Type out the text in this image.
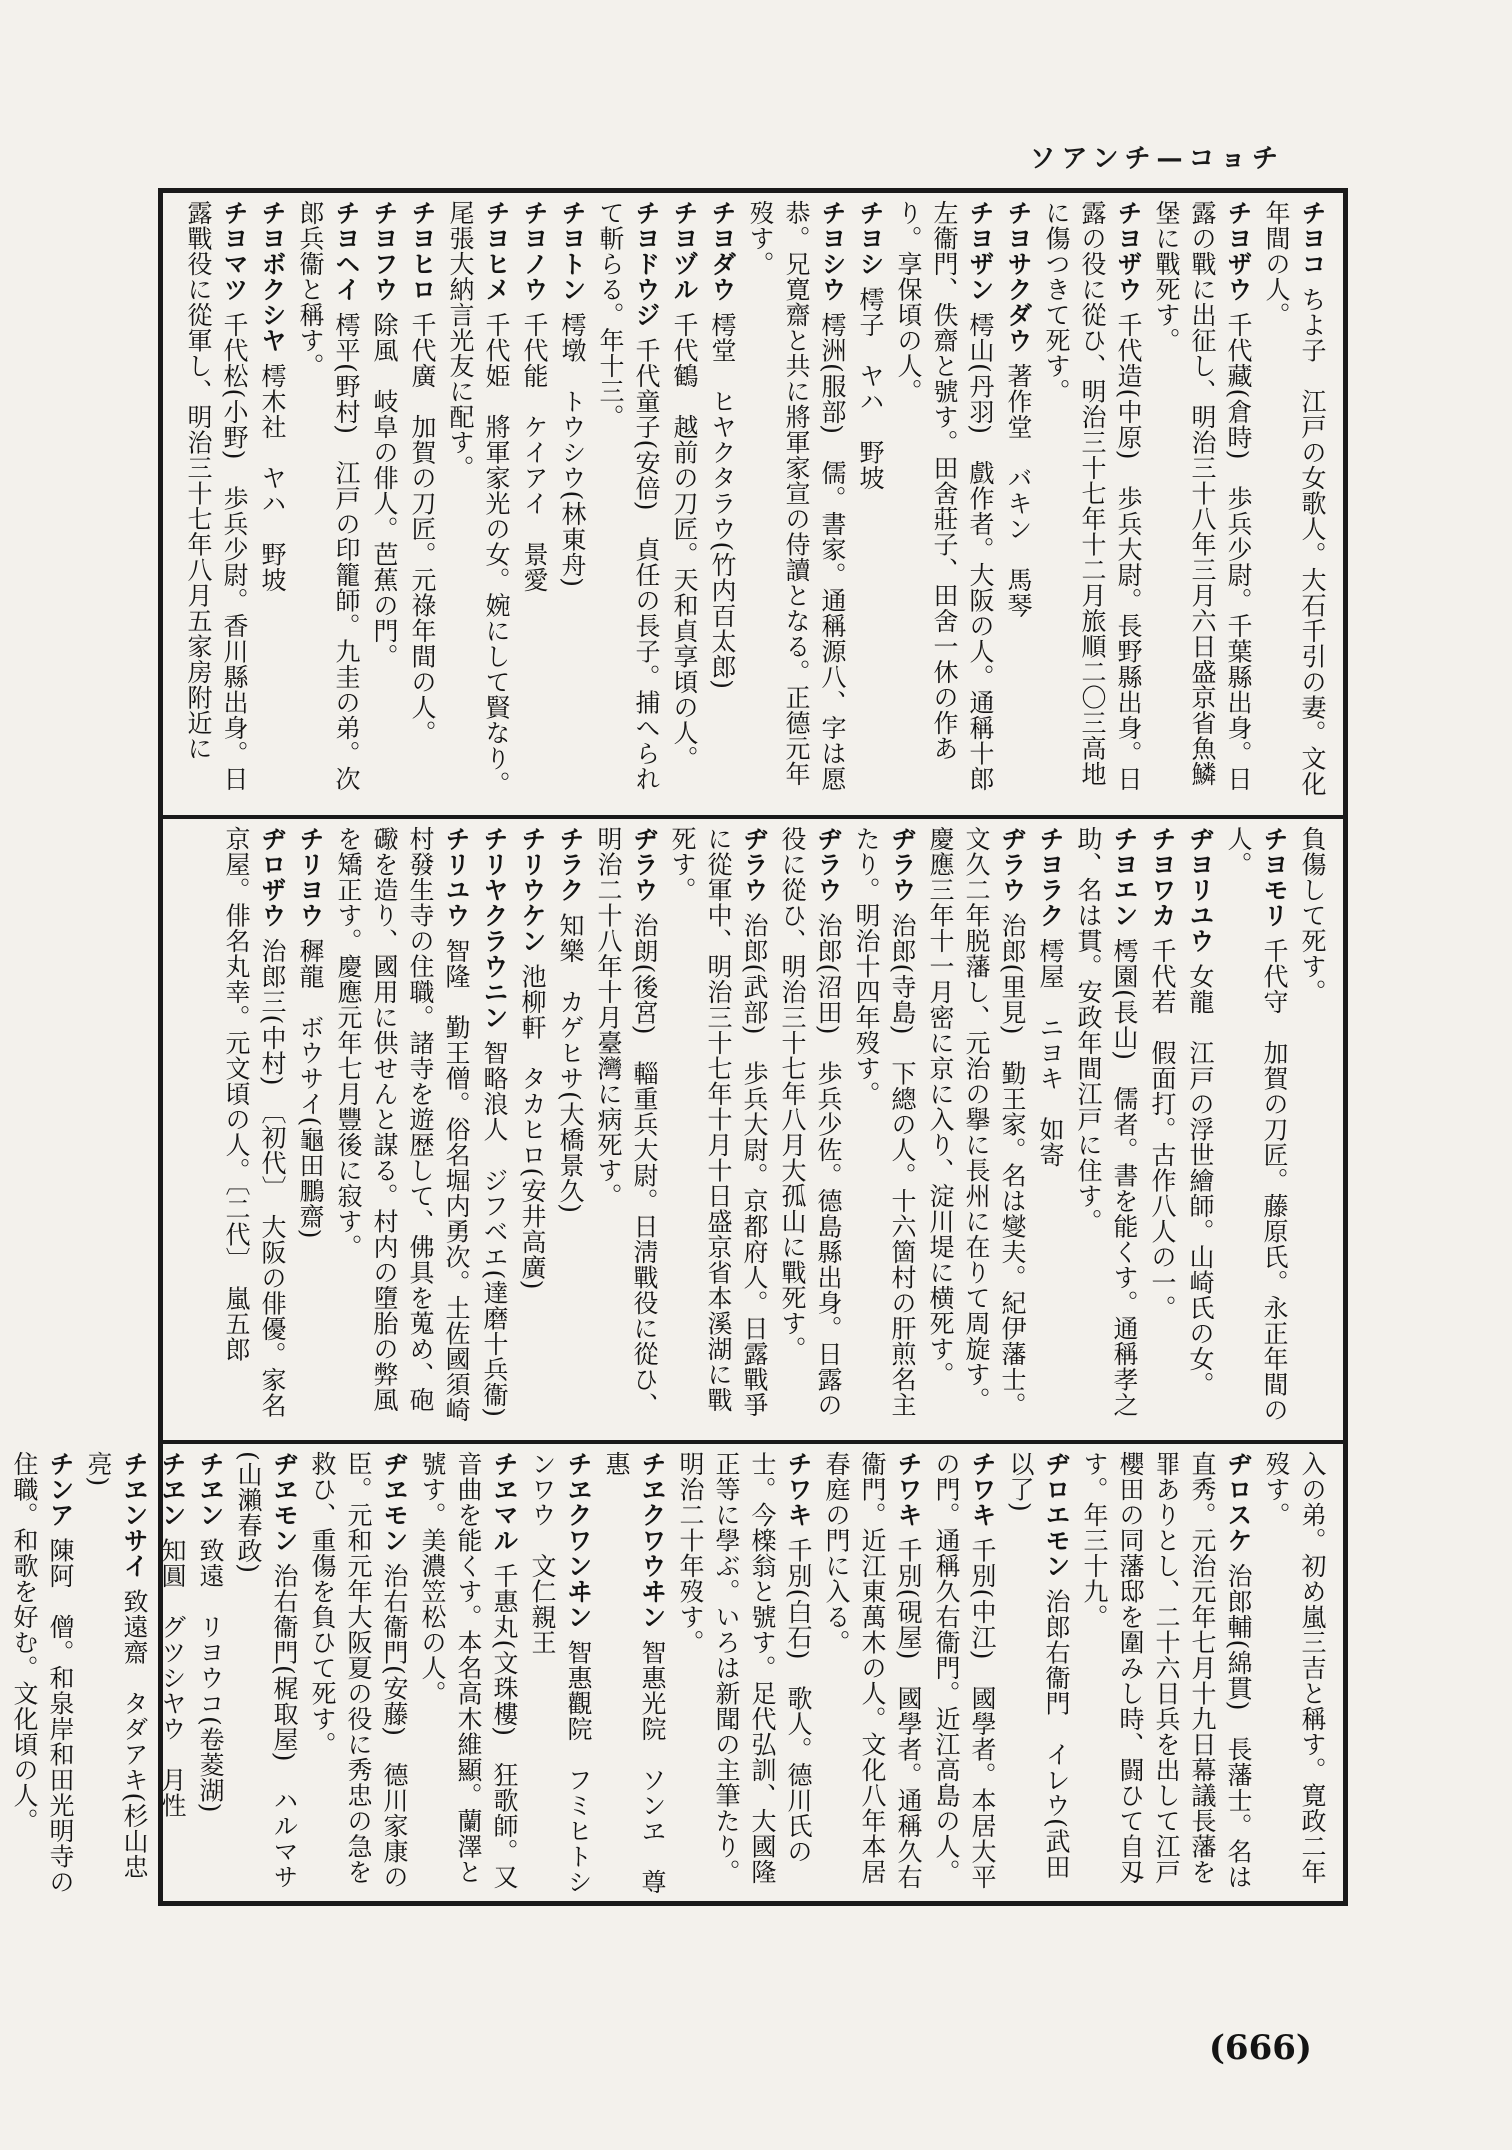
ソアンチ—コョチ
チヨコちよ子　江戸の女歌人。大石千引の妻。文化年間の人。
チヨザウ千代藏(倉時)　歩兵少尉。千葉縣出身。日露の戰に出征し、明治三十八年三月六日盛京省魚鱗堡に戰死す。
チヨザウ千代造(中原)　歩兵大尉。長野縣出身。日露の役に從ひ、明治三十七年十二月旅順二〇三高地に傷つきて死す。
チヨサクダウ著作堂　バキン　馬琴
チヨザン樗山(丹羽)　戲作者。大阪の人。通稱十郎左衞門、佚齋と號す。田舍莊子、田舍一休の作あり。享保頃の人。
チヨシ樗子　ヤハ　野坡
チヨシウ樗洲(服部)　儒。書家。通稱源八、字は愿恭。兄寛齋と共に將軍家宣の侍讀となる。正德元年歿す。
チヨダウ樗堂　ヒヤクタラウ(竹内百太郎)
チヨヅル千代鶴　越前の刀匠。天和貞享頃の人。
チヨドウジ千代童子(安倍)　貞任の長子。捕へられて斬らる。年十三。
チヨトン樗墩　トウシウ(林東舟)
チヨノウ千代能　ケイアイ　景愛
チヨヒメ千代姫　將軍家光の女。婉にして賢なり。尾張大納言光友に配す。
チヨヒロ千代廣　加賀の刀匠。元祿年間の人。
チヨフウ除風　岐阜の俳人。芭蕉の門。
チヨヘイ樗平(野村)　江戸の印籠師。九圭の弟。次郎兵衞と稱す。
チヨボクシヤ樗木社　ヤハ　野坡
チヨマツ千代松(小野)　歩兵少尉。香川縣出身。日露戰役に從軍し、明治三十七年八月五家房附近に
負傷して死す。
チヨモリ千代守　加賀の刀匠。藤原氏。永正年間の人。
ヂヨリユウ女龍　江戸の浮世繪師。山崎氏の女。
チヨワカ千代若　假面打。古作八人の一。
チヨエン樗園(長山)　儒者。書を能くす。通稱孝之助、名は貫。安政年間江戸に住す。
チヨラク樗屋　ニヨキ　如寄
ヂラウ治郎(里見)　勤王家。名は燮夫。紀伊藩士。文久二年脱藩し、元治の擧に長州に在りて周旋す。慶應三年十一月密に京に入り、淀川堤に横死す。
ヂラウ治郎(寺島)　下總の人。十六箇村の肝煎名主たり。明治十四年歿す。
ヂラウ治郎(沼田)　歩兵少佐。德島縣出身。日露の役に從ひ、明治三十七年八月大孤山に戰死す。
ヂラウ治郎(武部)　歩兵大尉。京都府人。日露戰爭に從軍中、明治三十七年十月十日盛京省本溪湖に戰死す。
ヂラウ治朗(後宮)　輜重兵大尉。日淸戰役に從ひ、明治二十八年十月臺灣に病死す。
チラク知樂　カゲヒサ(大橋景久)
チリウケン池柳軒　タカヒロ(安井高廣)
チリヤクラウニン智略浪人　ジフベエ(達磨十兵衞)
チリユウ智隆　勤王僧。俗名堀内勇次。土佐國須崎村發生寺の住職。諸寺を遊歴して、佛具を蒐め、砲礮を造り、國用に供せんと謀る。村内の墮胎の弊風を矯正す。慶應元年七月豐後に寂す。
チリヨウ穉龍　ボウサイ(龜田鵬齋)
ヂロザウ治郎三(中村)　〔初代〕　大阪の俳優。家名京屋。俳名丸幸。元文頃の人。〔二代〕　嵐五郎
入の弟。初め嵐三吉と稱す。寛政二年歿す。
ヂロスケ治郎輔(綿貫)　長藩士。名は直秀。元治元年七月十九日幕議長藩を罪ありとし、二十六日兵を出して江戸櫻田の同藩邸を圍みし時、闘ひて自刄す。年三十九。
ヂロエモン治郎右衞門　イレウ(武田以了)
チワキ千別(中江)　國學者。本居大平の門。通稱久右衞門。近江高島の人。
チワキ千別(硯屋)　國學者。通稱久右衞門。近江東萬木の人。文化八年本居春庭の門に入る。
チワキ千別(白石)　歌人。德川氏の士。今檪翁と號す。足代弘訓、大國隆正等に學ぶ。いろは新聞の主筆たり。明治二十年歿す。
チヱクワウヰン智惠光院　ソンヱ　尊惠
チヱクワンヰン智惠觀院　フミヒトシンワウ　文仁親王
チヱマル千惠丸(文珠樓)　狂歌師。又音曲を能くす。本名高木維顯。蘭澤と號す。美濃笠松の人。
ヂヱモン治右衞門(安藤)　德川家康の臣。元和元年大阪夏の役に秀忠の急を救ひ、重傷を負ひて死す。
ヂヱモン治右衞門(梶取屋)　ハルマサ(山瀨春政)
チヱン致遠　リヨウコ(卷菱湖)
チヱン知圓　グツシヤウ　月性
チヱンサイ致遠齋　タダアキ(杉山忠亮)
チンア陳阿　僧。和泉岸和田光明寺の住職。和歌を好む。文化頃の人。
(666)
